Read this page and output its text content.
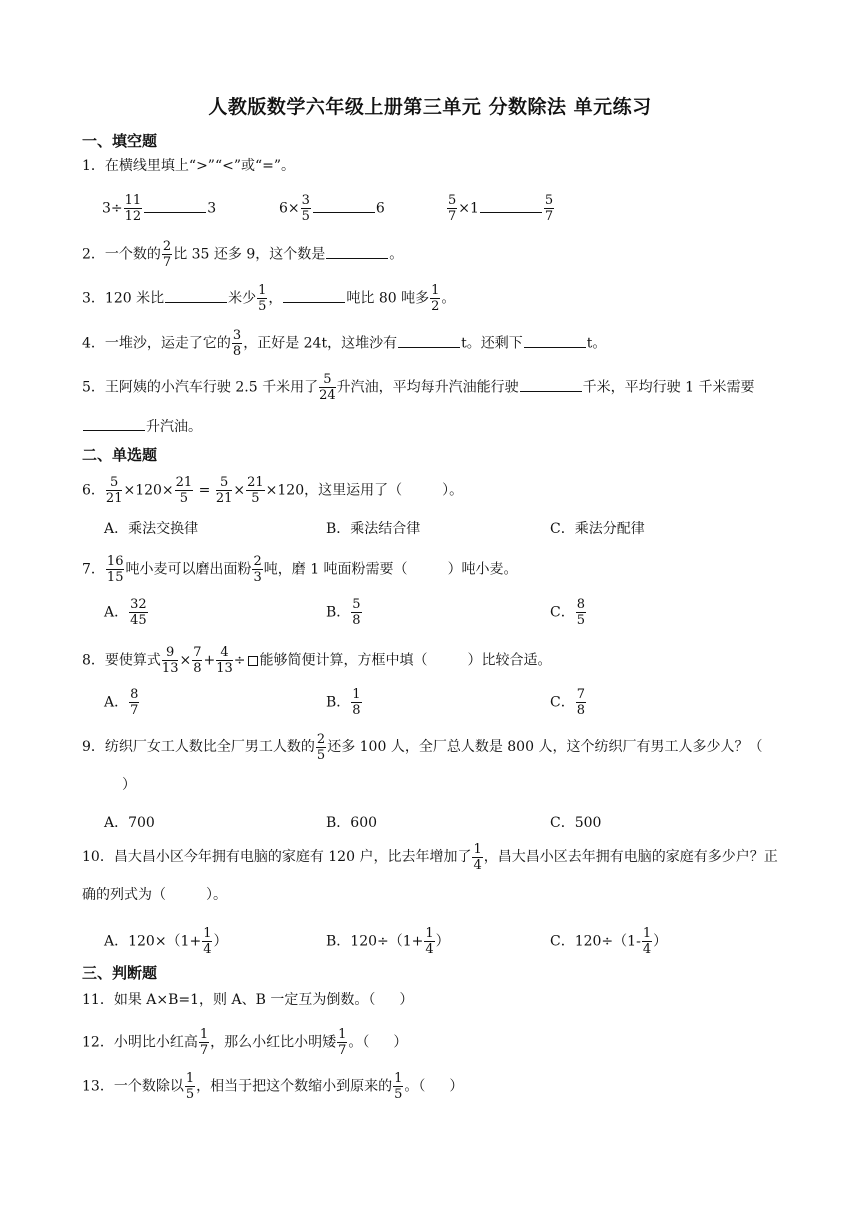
人教版数学六年级上册第三单元 分数除法 单元练习
一、填空题
1．在横线里填上“>”“<”或“=”。
$3\div \frac{11}{12}$	3	$6\times \frac{3}{5}$	6	$\frac{5}{7} \times 1$	$\frac{5}{7}$
2．一个数的 $\frac{2}{7}$ 比 35 还多 9，这个数是	。
3．120 米比	米少 $\frac{1}{5}$ ，	吨比 80 吨多 $\frac{1}{2}$ 。
4．一堆沙，运走了它的 $\frac{3}{8}$ ，正好是 24t，这堆沙有	t。还剩下	t。
5．王阿姨的小汽车行驶 2.5 千米用了 $\frac{5}{24}$ 升汽油，平均每升汽油能行驶	千米，平均行驶 1 千米需要
升汽油。
二、单选题
6． $\frac{5}{21} \times 120\times \frac{21}{5} = \frac{5}{21} \times \frac{21}{5} \times 120$，这里运用了（	）。
A．乘法交换律	B．乘法结合律	C．乘法分配律
7． $\frac{16}{15}$ 吨小麦可以磨出面粉 $\frac{2}{3}$ 吨，磨 1 吨面粉需要（	）吨小麦。
A． $\frac{32}{45}$	B． $\frac{5}{8}$	C． $\frac{8}{5}$
8．要使算式 $\frac{9}{13} \times \frac{7}{8} + \frac{4}{13}$ ÷ 能够简便计算，方框中填（	）比较合适。
A． $\frac{8}{7}$	B． $\frac{1}{8}$	C． $\frac{7}{8}$
9．纺织厂女工人数比全厂男工人数的 $\frac{2}{5}$ 还多 100 人，全厂总人数是 800 人，这个纺织厂有男工人多少人？（）
A．700	B．600	C．500
10．昌大昌小区今年拥有电脑的家庭有 120 户，比去年增加了 $\frac{1}{4}$ ，昌大昌小区去年拥有电脑的家庭有多少户？正确的列式为（	）。
A．$120\times(1+ \frac{1}{4}$ ）	B．$120\div(1+ \frac{1}{4}$ ）	C．$120\div(1- \frac{1}{4}$ ）
三、判断题
11．如果 A×B=1，则 A、B 一定互为倒数。（ ）
12．小明比小红高 $\frac{1}{7}$ ，那么小红比小明矮 $\frac{1}{7}$ 。（ ）
13．一个数除以 $\frac{1}{5}$ ，相当于把这个数缩小到原来的 $\frac{1}{5}$ 。（ ）
